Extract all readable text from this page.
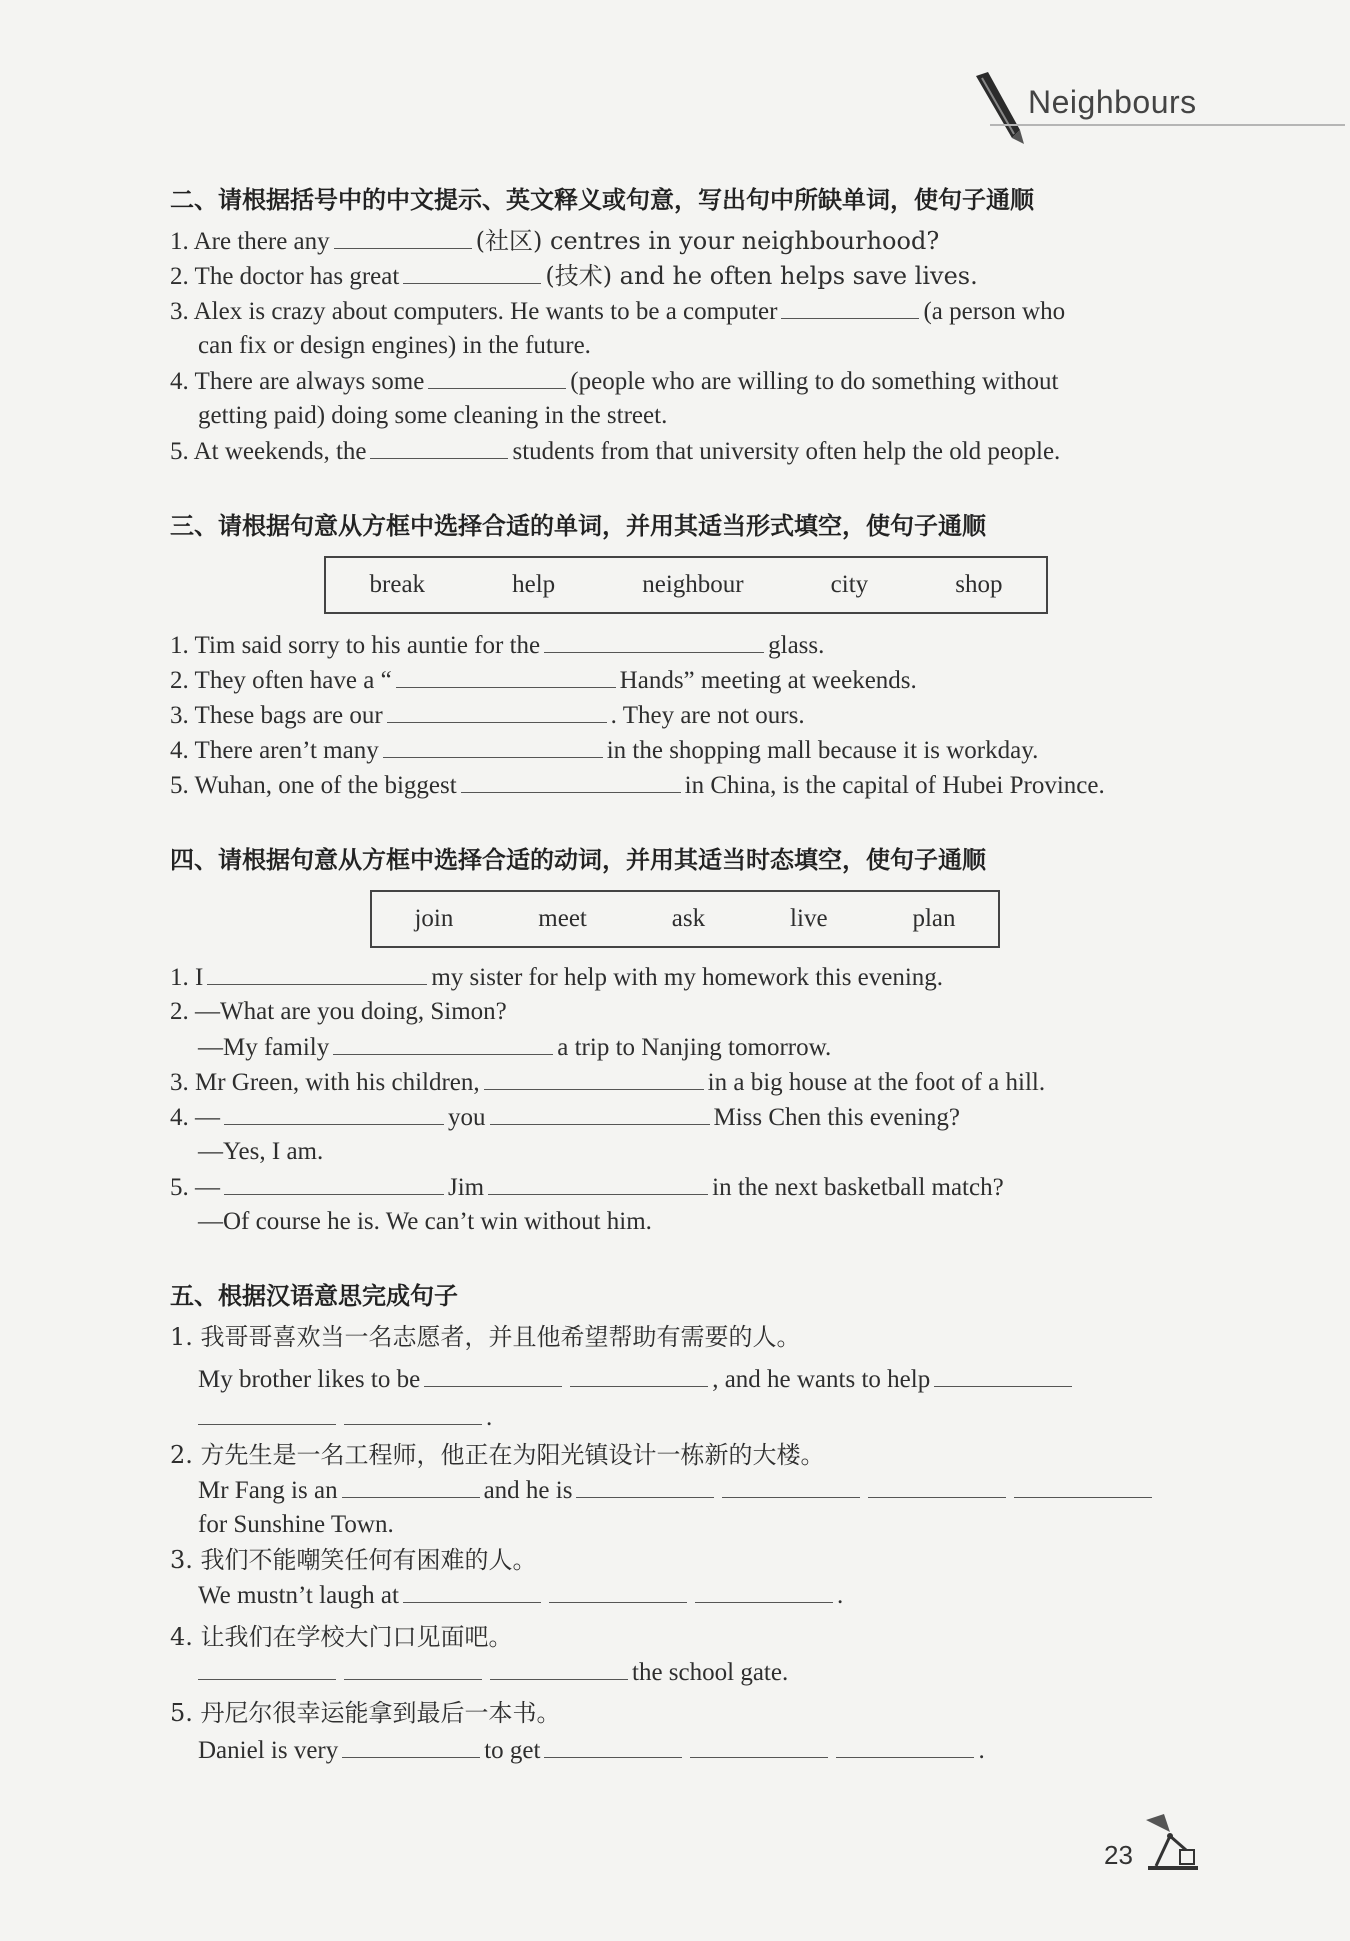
Neighbours
二、请根据括号中的中文提示、英文释义或句意，写出句中所缺单词，使句子通顺
1. Are there any	(社区) centres in your neighbourhood?
2. The doctor has great	(技术) and he often helps save lives.
3. Alex is crazy about computers. He wants to be a computer	(a person who
can fix or design engines) in the future.
4. There are always some	(people who are willing to do something without
getting paid) doing some cleaning in the street.
5. At weekends, the	students from that university often help the old people.
三、请根据句意从方框中选择合适的单词，并用其适当形式填空，使句子通顺
break	help	neighbour	city	shop
1. Tim said sorry to his auntie for the	glass.
2. They often have a “	Hands” meeting at weekends.
3. These bags are our	. They are not ours.
4. There aren’t many	in the shopping mall because it is workday.
5. Wuhan, one of the biggest	in China, is the capital of Hubei Province.
四、请根据句意从方框中选择合适的动词，并用其适当时态填空，使句子通顺
join	meet	ask	live	plan
1. I	my sister for help with my homework this evening.
2. —What are you doing, Simon?
—My family	a trip to Nanjing tomorrow.
3. Mr Green, with his children,	in a big house at the foot of a hill.
4. —	you	Miss Chen this evening?
—Yes, I am.
5. —	Jim	in the next basketball match?
—Of course he is. We can’t win without him.
五、根据汉语意思完成句子
1. 我哥哥喜欢当一名志愿者，并且他希望帮助有需要的人。
My brother likes to be	, and he wants to help
.
2. 方先生是一名工程师，他正在为阳光镇设计一栋新的大楼。
Mr Fang is an	and he is
for Sunshine Town.
3. 我们不能嘲笑任何有困难的人。
We mustn’t laugh at	.
4. 让我们在学校大门口见面吧。
the school gate.
5. 丹尼尔很幸运能拿到最后一本书。
Daniel is very	to get	.
23
